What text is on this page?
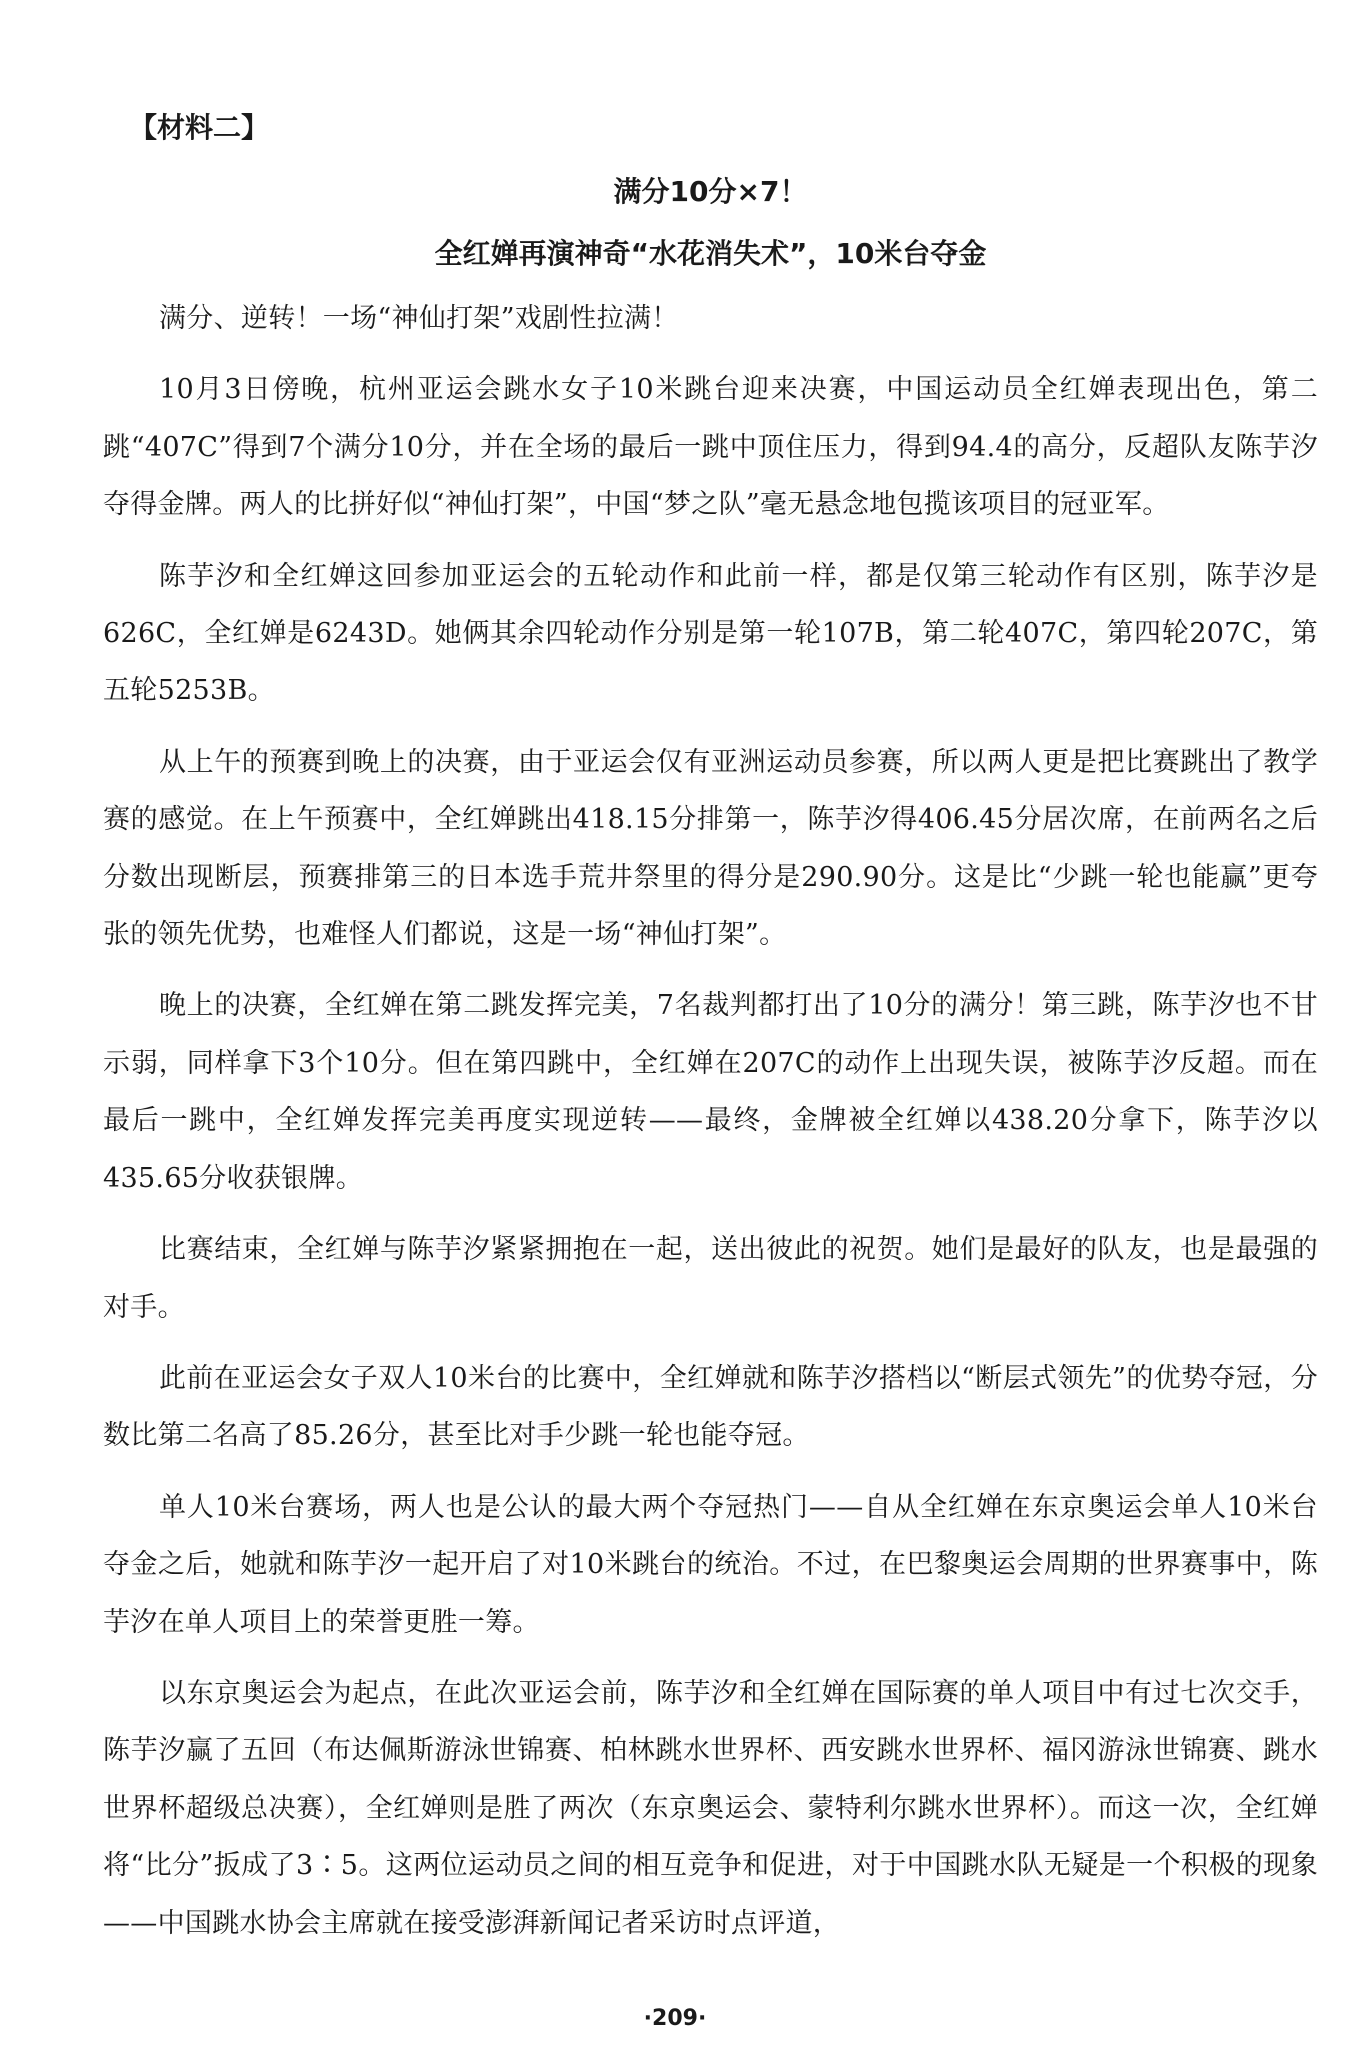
【材料二】
满分10分×7！
全红婵再演神奇“水花消失术”，10米台夺金

满分、逆转！一场“神仙打架”戏剧性拉满！

10月3日傍晚，杭州亚运会跳水女子10米跳台迎来决赛，中国运动员全红婵表现出色，第二跳“407C”得到7个满分10分，并在全场的最后一跳中顶住压力，得到94.4的高分，反超队友陈芋汐夺得金牌。两人的比拼好似“神仙打架”，中国“梦之队”毫无悬念地包揽该项目的冠亚军。

陈芋汐和全红婵这回参加亚运会的五轮动作和此前一样，都是仅第三轮动作有区别，陈芋汐是626C，全红婵是6243D。她俩其余四轮动作分别是第一轮107B，第二轮407C，第四轮207C，第五轮5253B。

从上午的预赛到晚上的决赛，由于亚运会仅有亚洲运动员参赛，所以两人更是把比赛跳出了教学赛的感觉。在上午预赛中，全红婵跳出418.15分排第一，陈芋汐得406.45分居次席，在前两名之后分数出现断层，预赛排第三的日本选手荒井祭里的得分是290.90分。这是比“少跳一轮也能赢”更夸张的领先优势，也难怪人们都说，这是一场“神仙打架”。

晚上的决赛，全红婵在第二跳发挥完美，7名裁判都打出了10分的满分！第三跳，陈芋汐也不甘示弱，同样拿下3个10分。但在第四跳中，全红婵在207C的动作上出现失误，被陈芋汐反超。而在最后一跳中，全红婵发挥完美再度实现逆转——最终，金牌被全红婵以438.20分拿下，陈芋汐以435.65分收获银牌。

比赛结束，全红婵与陈芋汐紧紧拥抱在一起，送出彼此的祝贺。她们是最好的队友，也是最强的对手。

此前在亚运会女子双人10米台的比赛中，全红婵就和陈芋汐搭档以“断层式领先”的优势夺冠，分数比第二名高了85.26分，甚至比对手少跳一轮也能夺冠。

单人10米台赛场，两人也是公认的最大两个夺冠热门——自从全红婵在东京奥运会单人10米台夺金之后，她就和陈芋汐一起开启了对10米跳台的统治。不过，在巴黎奥运会周期的世界赛事中，陈芋汐在单人项目上的荣誉更胜一筹。

以东京奥运会为起点，在此次亚运会前，陈芋汐和全红婵在国际赛的单人项目中有过七次交手，陈芋汐赢了五回（布达佩斯游泳世锦赛、柏林跳水世界杯、西安跳水世界杯、福冈游泳世锦赛、跳水世界杯超级总决赛），全红婵则是胜了两次（东京奥运会、蒙特利尔跳水世界杯）。而这一次，全红婵将“比分”扳成了3∶5。这两位运动员之间的相互竞争和促进，对于中国跳水队无疑是一个积极的现象——中国跳水协会主席就在接受澎湃新闻记者采访时点评道，

·209·
